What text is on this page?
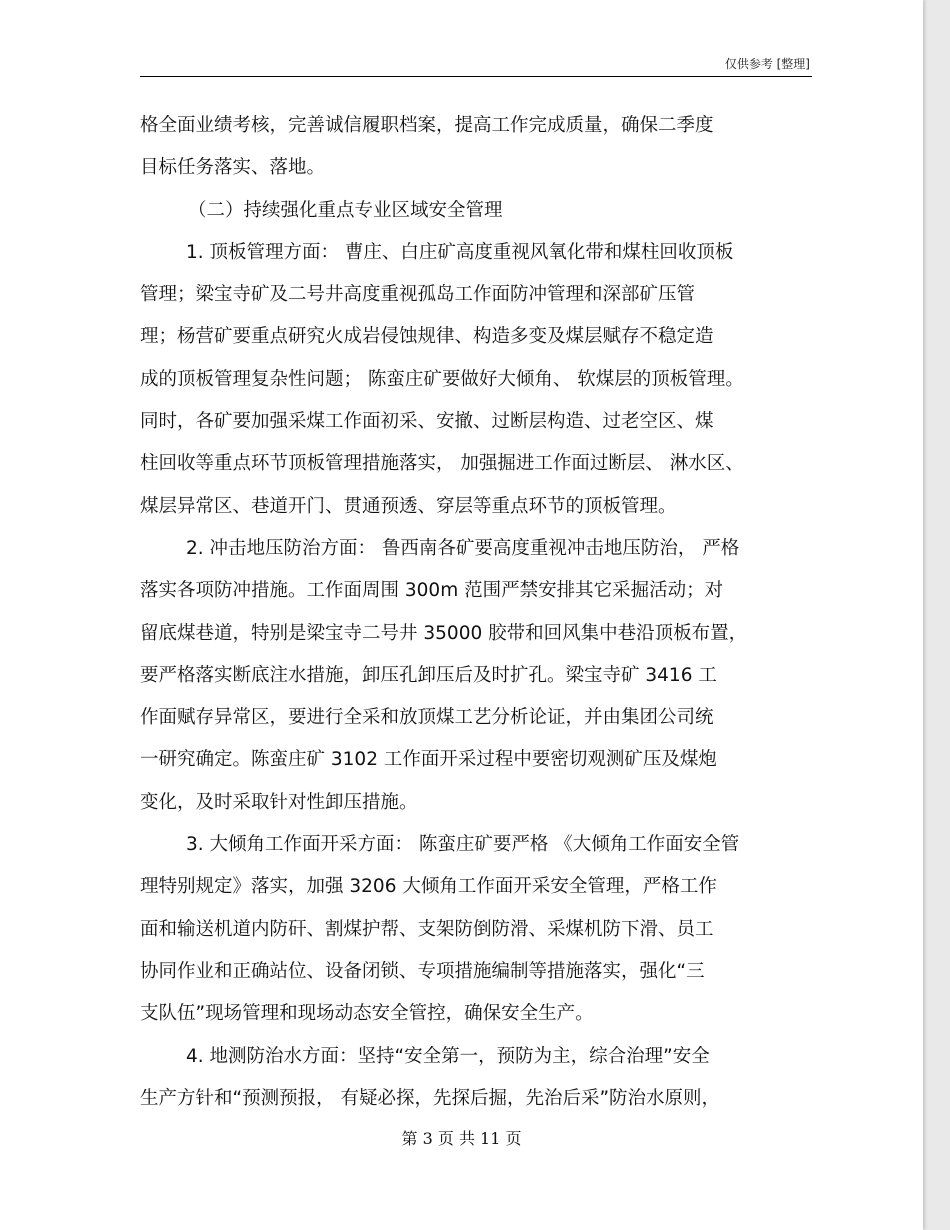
仅供参考 [整理]
格全面业绩考核，完善诚信履职档案，提高工作完成质量，确保二季度
目标任务落实、落地。
（二）持续强化重点专业区域安全管理
1. 顶板管理方面： 曹庄、白庄矿高度重视风氧化带和煤柱回收顶板
管理；梁宝寺矿及二号井高度重视孤岛工作面防冲管理和深部矿压管
理；杨营矿要重点研究火成岩侵蚀规律、构造多变及煤层赋存不稳定造
成的顶板管理复杂性问题； 陈蛮庄矿要做好大倾角、 软煤层的顶板管理。
同时，各矿要加强采煤工作面初采、安撤、过断层构造、过老空区、煤
柱回收等重点环节顶板管理措施落实， 加强掘进工作面过断层、 淋水区、
煤层异常区、巷道开门、贯通预透、穿层等重点环节的顶板管理。
2. 冲击地压防治方面： 鲁西南各矿要高度重视冲击地压防治， 严格
落实各项防冲措施。工作面周围 300m 范围严禁安排其它采掘活动；对
留底煤巷道，特别是梁宝寺二号井 35000 胶带和回风集中巷沿顶板布置，
要严格落实断底注水措施，卸压孔卸压后及时扩孔。梁宝寺矿 3416 工
作面赋存异常区，要进行全采和放顶煤工艺分析论证，并由集团公司统
一研究确定。陈蛮庄矿 3102 工作面开采过程中要密切观测矿压及煤炮
变化，及时采取针对性卸压措施。
3. 大倾角工作面开采方面： 陈蛮庄矿要严格 《大倾角工作面安全管
理特别规定》落实，加强 3206 大倾角工作面开采安全管理，严格工作
面和输送机道内防矸、割煤护帮、支架防倒防滑、采煤机防下滑、员工
协同作业和正确站位、设备闭锁、专项措施编制等措施落实，强化“三
支队伍”现场管理和现场动态安全管控，确保安全生产。
4. 地测防治水方面：坚持“安全第一，预防为主，综合治理”安全
生产方针和“预测预报， 有疑必探，先探后掘，先治后采”防治水原则，
第 3 页 共 11 页
